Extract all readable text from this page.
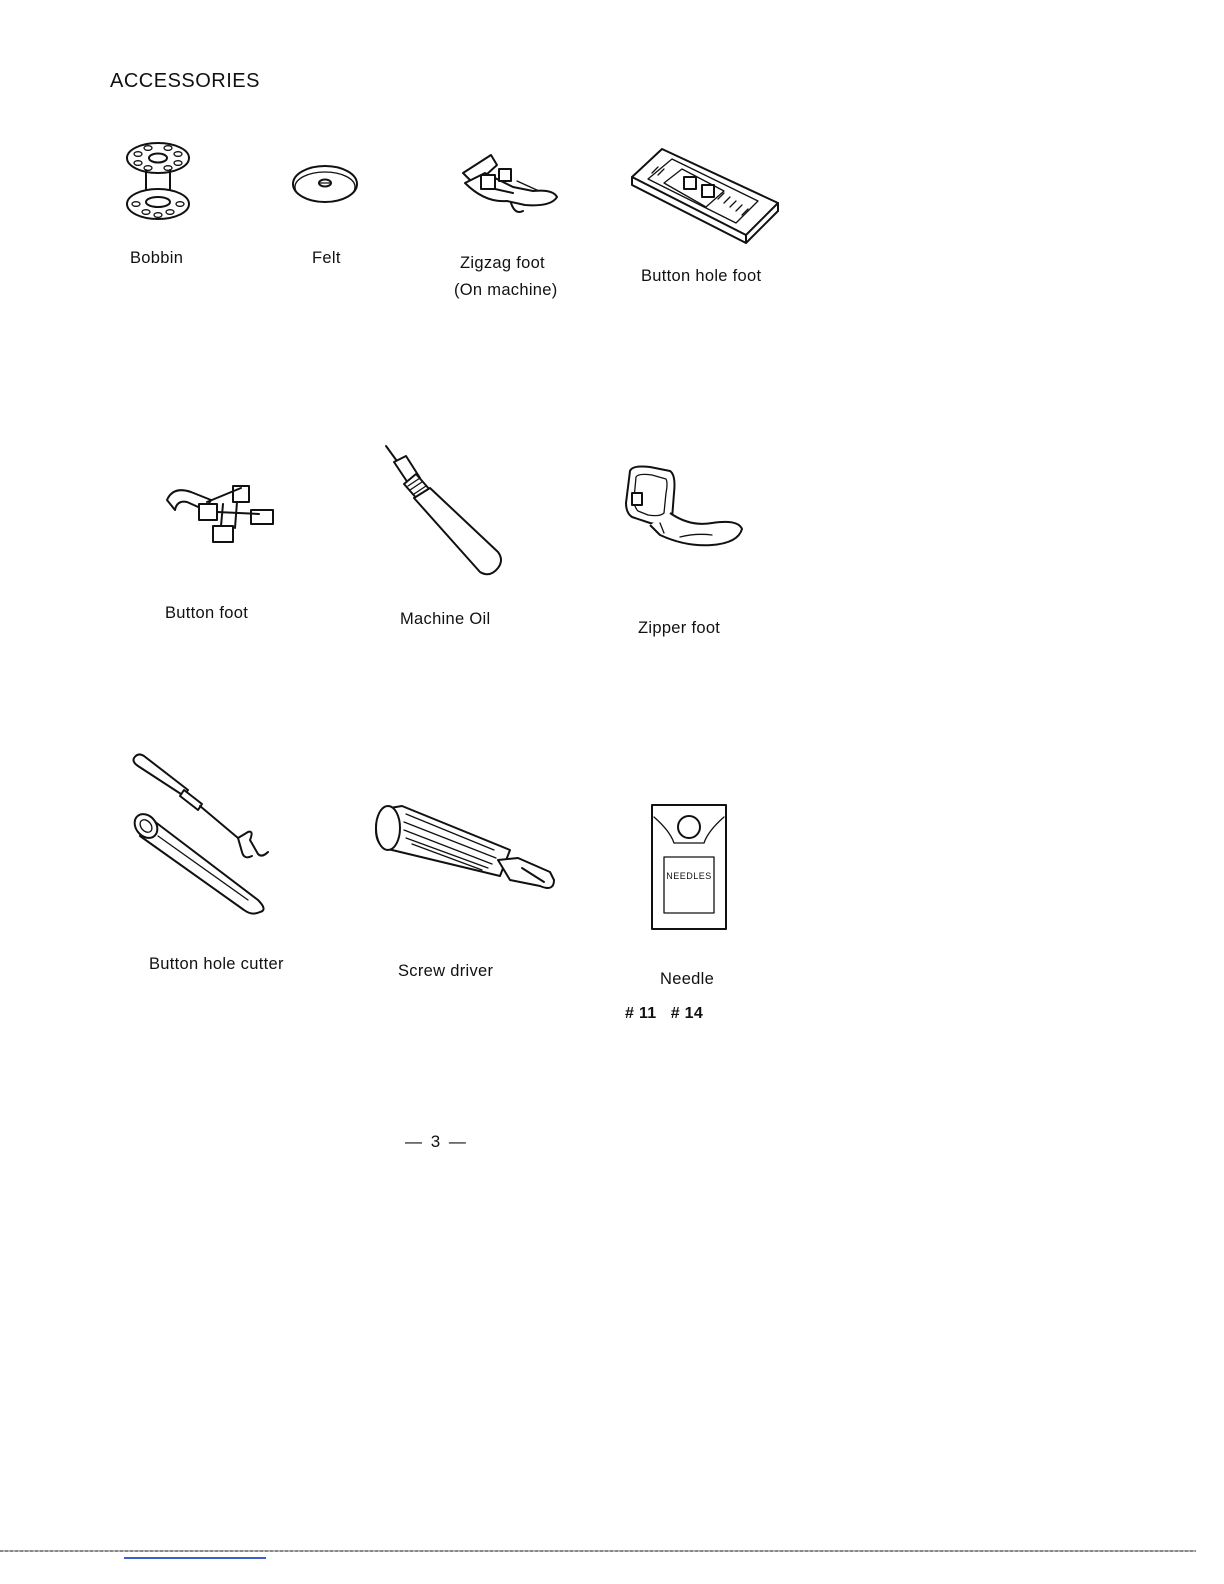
ACCESSORIES
Bobbin	Felt	Zigzag foot
(On machine)
Button hole foot
Button foot	Machine Oil	Zipper foot
Button hole cutter	Screw driver
NEEDLES
Needle
# 11   # 14
— 3 —
